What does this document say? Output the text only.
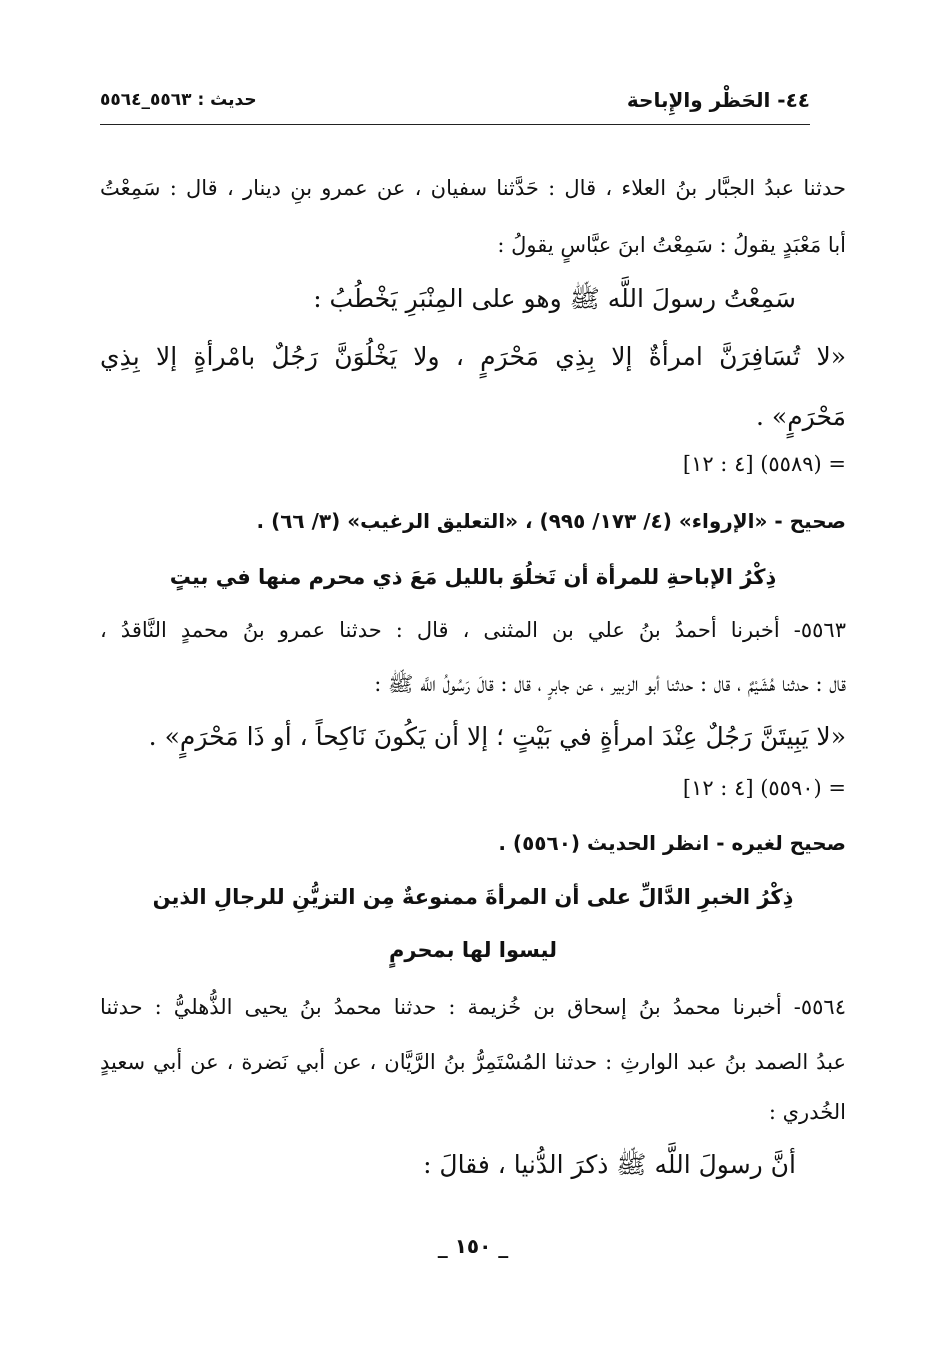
٤٤- الحَظْر والإِباحة
حديث : ٥٥٦٣_٥٥٦٤
حدثنا عبدُ الجبَّار بنُ العلاء ، قال : حَدَّثنا سفيان ، عن عمرو بنِ دينار ، قال : سَمِعْتُ
أبا مَعْبَدٍ يقولُ : سَمِعْتُ ابنَ عبَّاسٍ يقولُ :
سَمِعْتُ رسولَ اللَّه ﷺ وهو على المِنْبَرِ يَخْطُبُ :
«لا تُسَافِرَنَّ امرأةٌ إلا بِذِي مَحْرَمٍ ، ولا يَخْلُوَنَّ رَجُلٌ بامْرأةٍ إلا بِذِي
مَحْرَمٍ» .
= (٥٥٨٩) [٤ : ١٢]
صحيح - «الإرواء» (٤/ ١٧٣/ ٩٩٥) ، «التعليق الرغيب» (٣/ ٦٦) .
ذِكْرُ الإباحةِ للمرأة أن تَخلُوَ بالليل مَعَ ذي محرم منها في بيتٍ
٥٥٦٣- أخبرنا أحمدُ بنُ علي بن المثنى ، قال : حدثنا عمرو بنُ محمدٍ النَّاقدُ ،
قال : حدثنا هُشَيْمٌ ، قال : حدثنا أبو الزبير ، عن جابرٍ ، قال : قالَ رَسُولُ اللَّه ﷺ :
«لا يَبِيتَنَّ رَجُلٌ عِنْدَ امرأةٍ في بَيْتٍ ؛ إلا أن يَكُونَ نَاكِحاً ، أو ذَا مَحْرَمٍ» .
= (٥٥٩٠) [٤ : ١٢]
صحيح لغيره - انظر الحديث (٥٥٦٠) .
ذِكْرُ الخبرِ الدَّالِّ على أن المرأةَ ممنوعةٌ مِن التزيُّنِ للرجالِ الذين
ليسوا لها بمحرمٍ
٥٥٦٤- أخبرنا محمدُ بنُ إسحاق بن خُزيمة : حدثنا محمدُ بنُ يحيى الذُّهليُّ : حدثنا
عبدُ الصمد بنُ عبد الوارثِ : حدثنا المُسْتَمِرُّ بنُ الرَّيَّان ، عن أبي نَضرة ، عن أبي سعيدٍ
الخُدري :
أنَّ رسولَ اللَّه ﷺ ذكرَ الدُّنيا ، فقالَ :
_ ١٥٠ _
